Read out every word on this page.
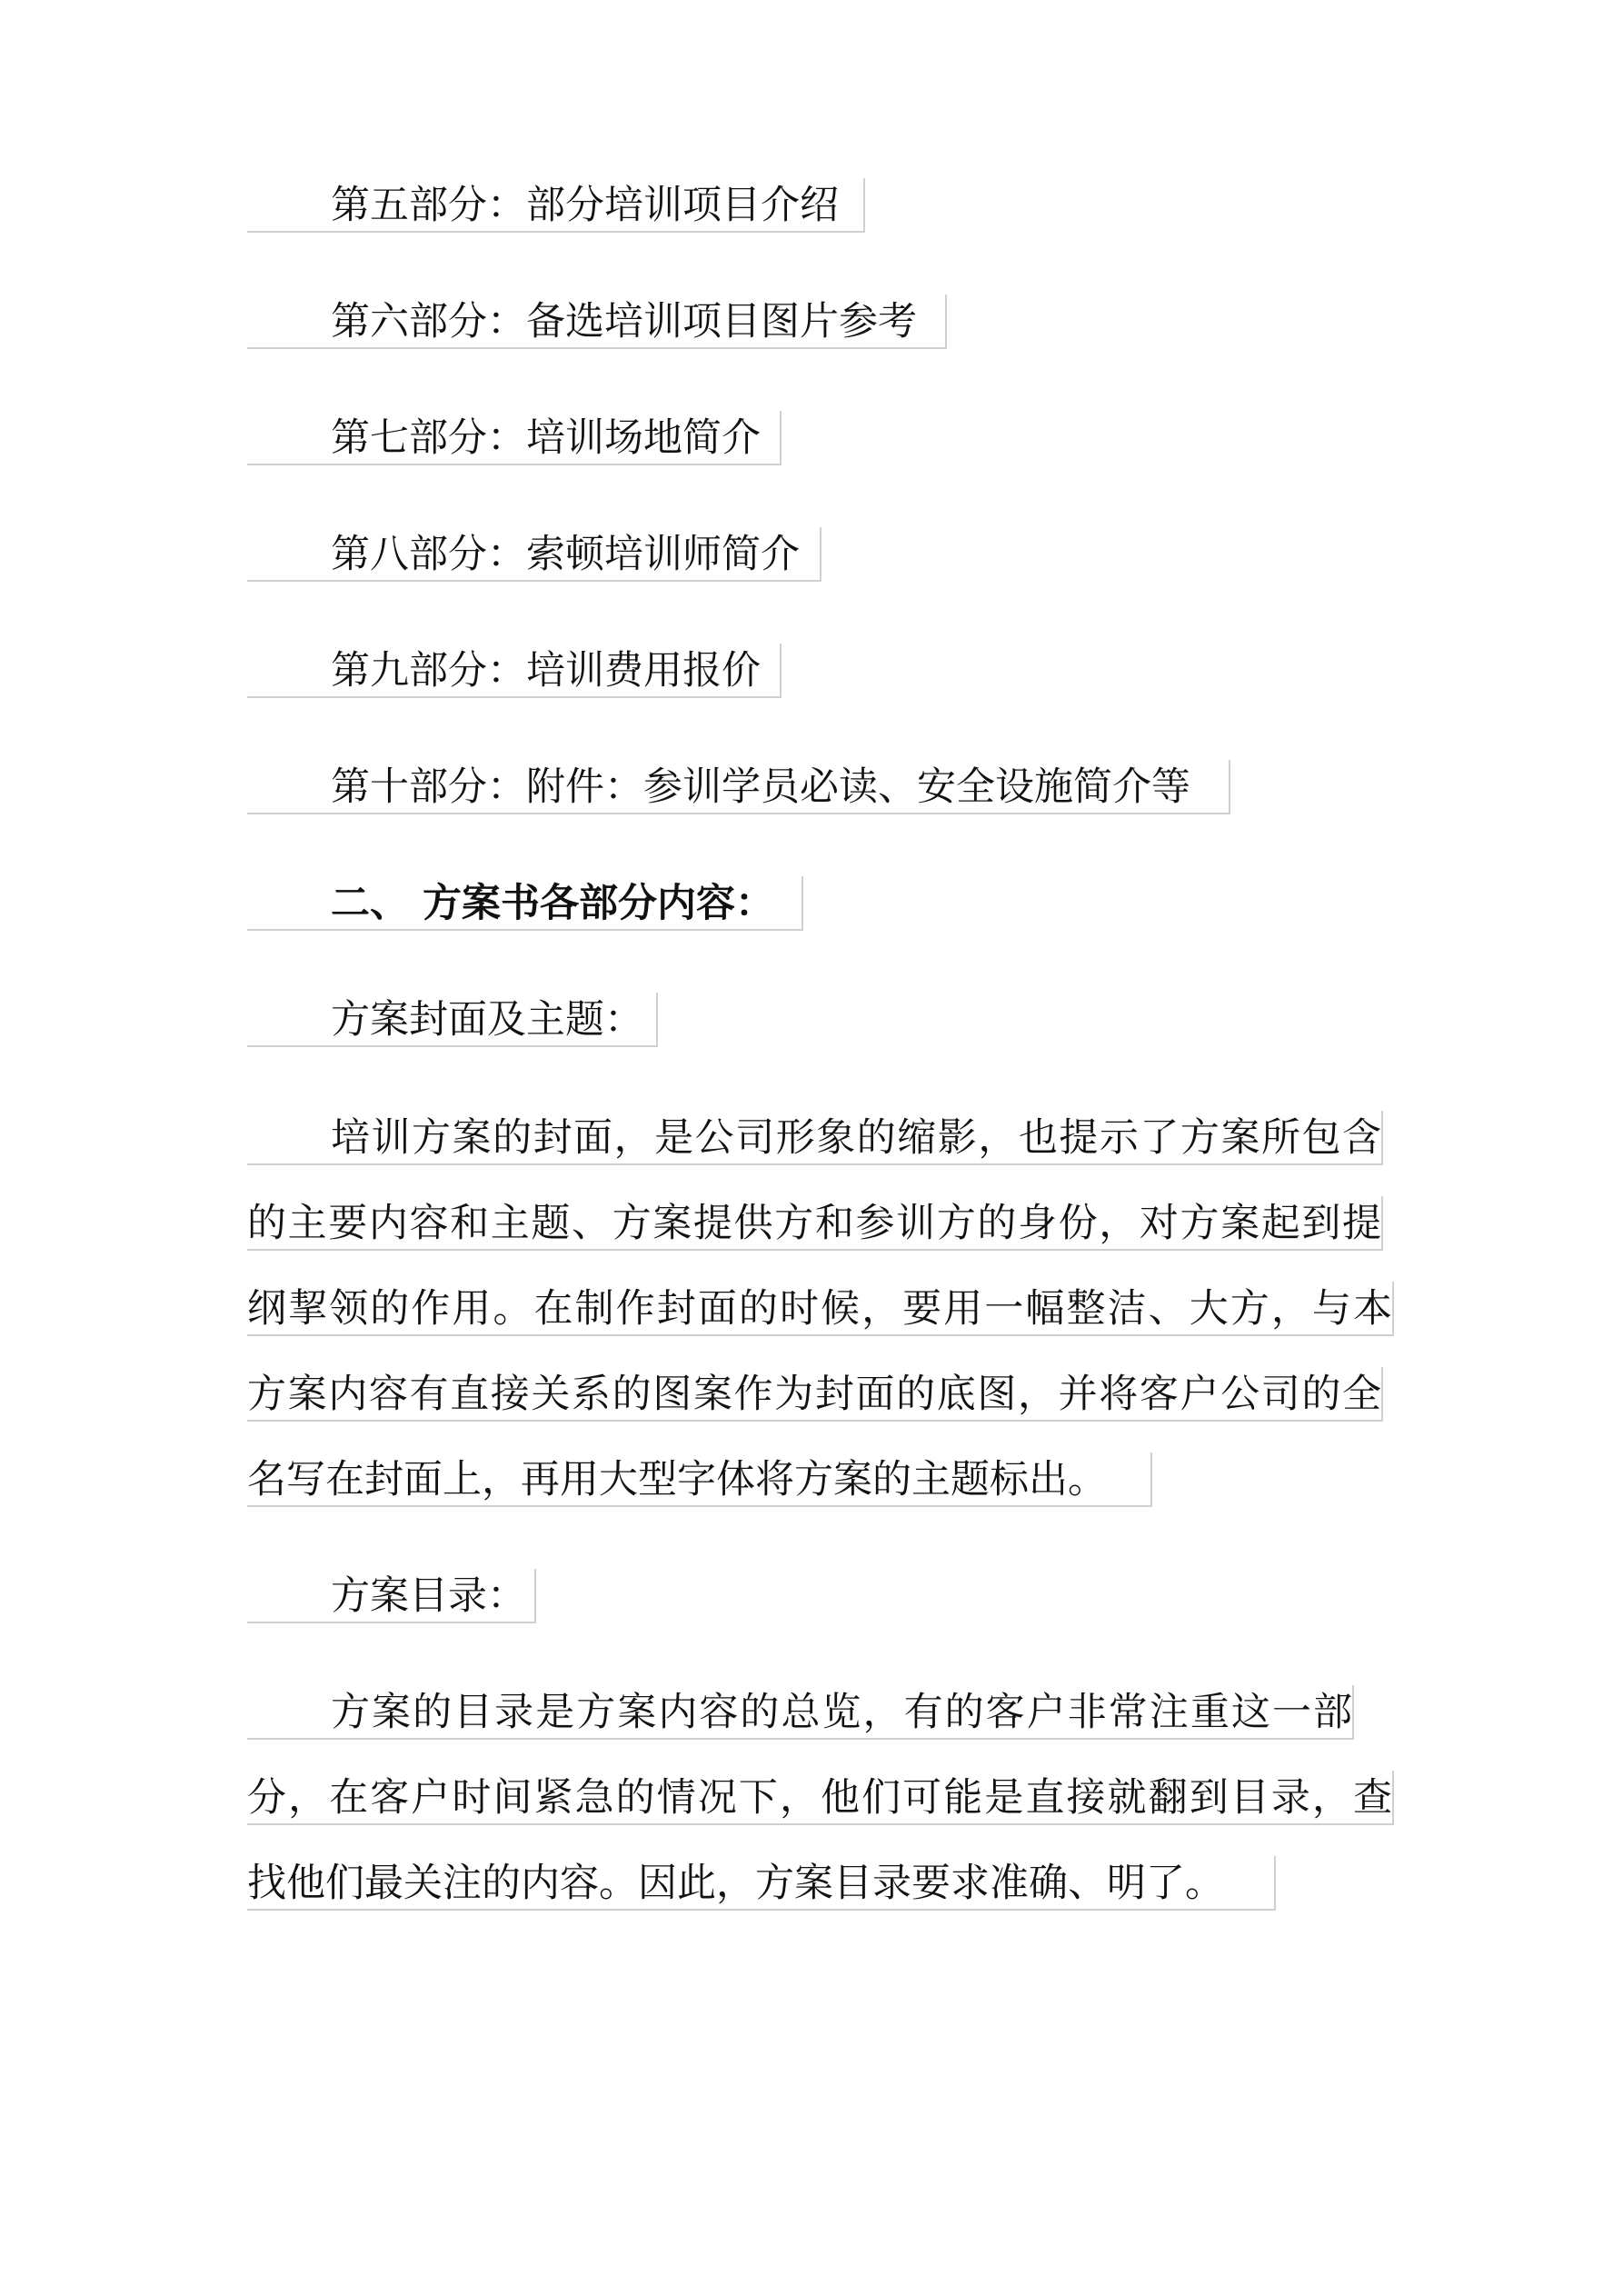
第五部分：部分培训项目介绍
第六部分：备选培训项目图片参考
第七部分：培训场地简介
第八部分：索顿培训师简介
第九部分：培训费用报价
第十部分：附件：参训学员必读、安全设施简介等
二、 方案书各部分内容：
方案封面及主题：
培训方案的封面，是公司形象的缩影，也提示了方案所包含
的主要内容和主题、方案提供方和参训方的身份，对方案起到提
纲挈领的作用。在制作封面的时候，要用一幅整洁、大方，与本
方案内容有直接关系的图案作为封面的底图，并将客户公司的全
名写在封面上，再用大型字体将方案的主题标出。
方案目录：
方案的目录是方案内容的总览，有的客户非常注重这一部
分，在客户时间紧急的情况下，他们可能是直接就翻到目录，查
找他们最关注的内容。因此，方案目录要求准确、明了。
